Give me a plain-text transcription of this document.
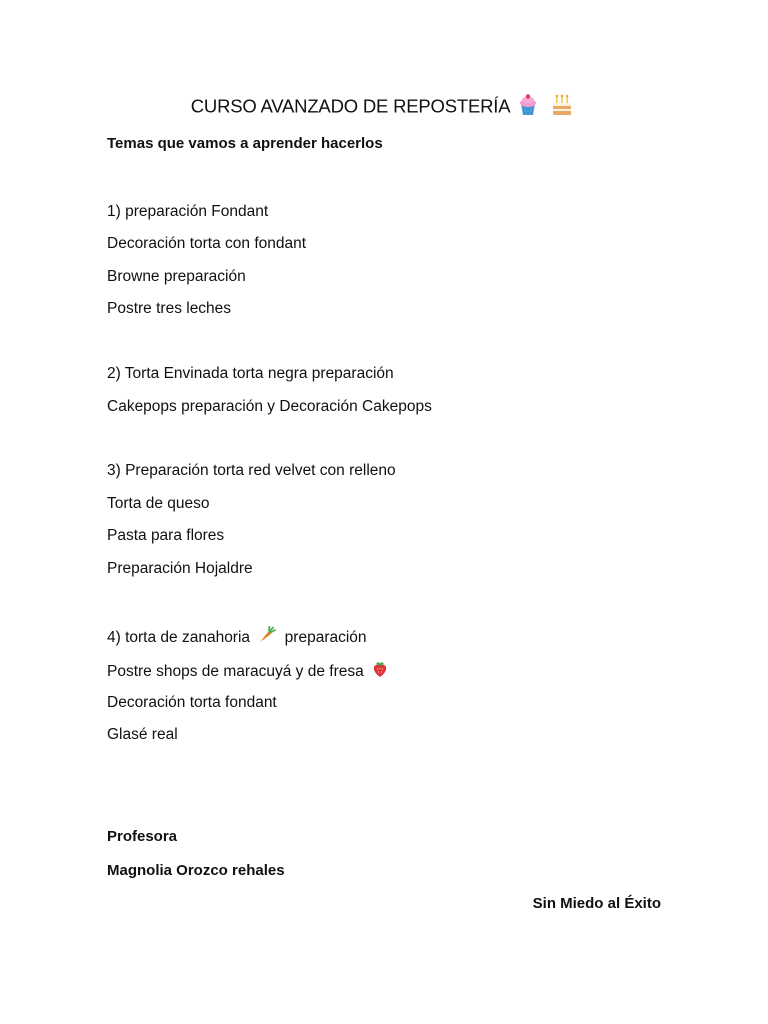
CURSO AVANZADO DE REPOSTERÍA
Temas que vamos a aprender hacerlos
1) preparación Fondant
Decoración torta con fondant
Browne preparación
Postre tres leches
2) Torta Envinada torta negra preparación
Cakepops preparación y Decoración Cakepops
3) Preparación torta red velvet con relleno
Torta de queso
Pasta para flores
Preparación Hojaldre
4) torta de zanahoria preparación
Postre shops de maracuyá y de fresa
Decoración torta fondant
Glasé real
Profesora
Magnolia Orozco rehales
Sin Miedo al Éxito
